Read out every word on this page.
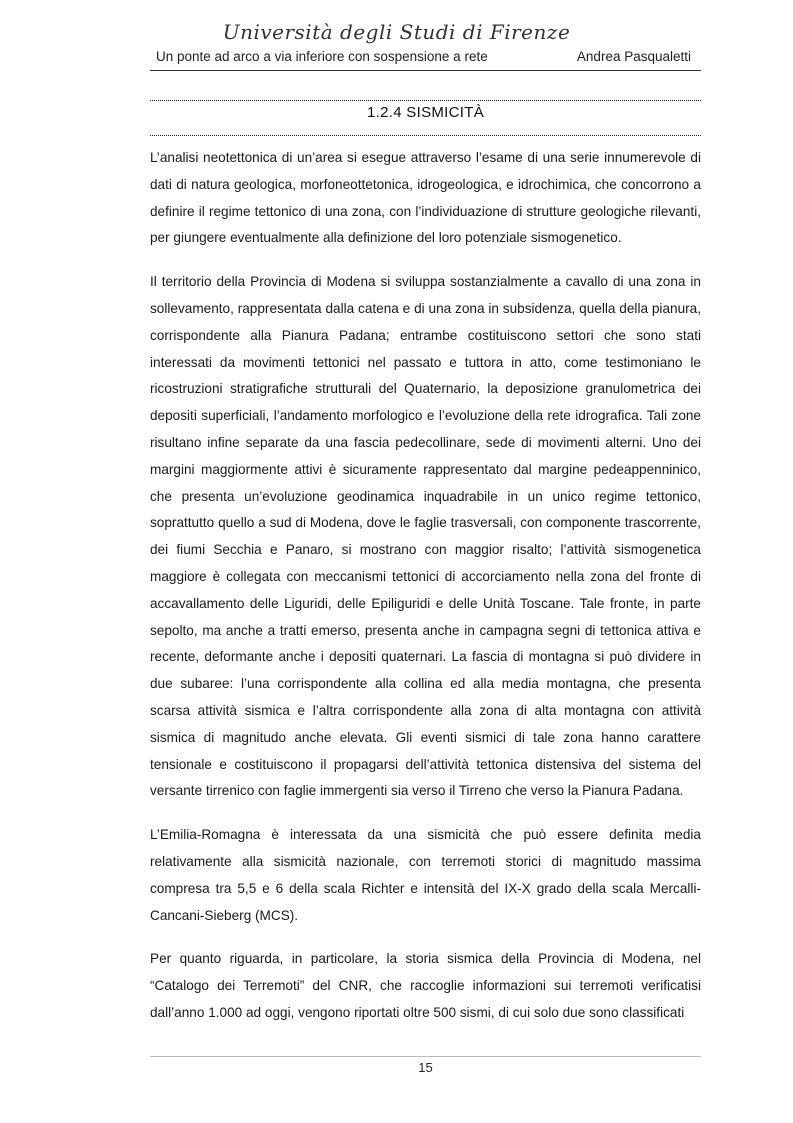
Università degli Studi di Firenze
Un ponte ad arco a via inferiore con sospensione a rete	Andrea Pasqualetti
1.2.4 SISMICITÀ

L’analisi neotettonica di un’area si esegue attraverso l’esame di una serie innumerevole di dati di natura geologica, morfoneottetonica, idrogeologica, e idrochimica, che concorrono a definire il regime tettonico di una zona, con l’individuazione di strutture geologiche rilevanti, per giungere eventualmente alla definizione del loro potenziale sismogenetico.

Il territorio della Provincia di Modena si sviluppa sostanzialmente a cavallo di una zona in sollevamento, rappresentata dalla catena e di una zona in subsidenza, quella della pianura, corrispondente alla Pianura Padana; entrambe costituiscono settori che sono stati interessati da movimenti tettonici nel passato e tuttora in atto, come testimoniano le ricostruzioni stratigrafiche strutturali del Quaternario, la deposizione granulometrica dei depositi superficiali, l’andamento morfologico e l’evoluzione della rete idrografica. Tali zone risultano infine separate da una fascia pedecollinare, sede di movimenti alterni. Uno dei margini maggiormente attivi è sicuramente rappresentato dal margine pedeappenninico, che presenta un’evoluzione geodinamica inquadrabile in un unico regime tettonico, soprattutto quello a sud di Modena, dove le faglie trasversali, con componente trascorrente, dei fiumi Secchia e Panaro, si mostrano con maggior risalto; l’attività sismogenetica maggiore è collegata con meccanismi tettonici di accorciamento nella zona del fronte di accavallamento delle Liguridi, delle Epiliguridi e delle Unità Toscane. Tale fronte, in parte sepolto, ma anche a tratti emerso, presenta anche in campagna segni di tettonica attiva e recente, deformante anche i depositi quaternari. La fascia di montagna si può dividere in due subaree: l’una corrispondente alla collina ed alla media montagna, che presenta scarsa attività sismica e l’altra corrispondente alla zona di alta montagna con attività sismica di magnitudo anche elevata. Gli eventi sismici di tale zona hanno carattere tensionale e costituiscono il propagarsi dell’attività tettonica distensiva del sistema del versante tirrenico con faglie immergenti sia verso il Tirreno che verso la Pianura Padana.

L’Emilia-Romagna è interessata da una sismicità che può essere definita media relativamente alla sismicità nazionale, con terremoti storici di magnitudo massima compresa tra 5,5 e 6 della scala Richter e intensità del IX-X grado della scala Mercalli-Cancani-Sieberg (MCS).

Per quanto riguarda, in particolare, la storia sismica della Provincia di Modena, nel “Catalogo dei Terremoti” del CNR, che raccoglie informazioni sui terremoti verificatisi dall’anno 1.000 ad oggi, vengono riportati oltre 500 sismi, di cui solo due sono classificati

15
